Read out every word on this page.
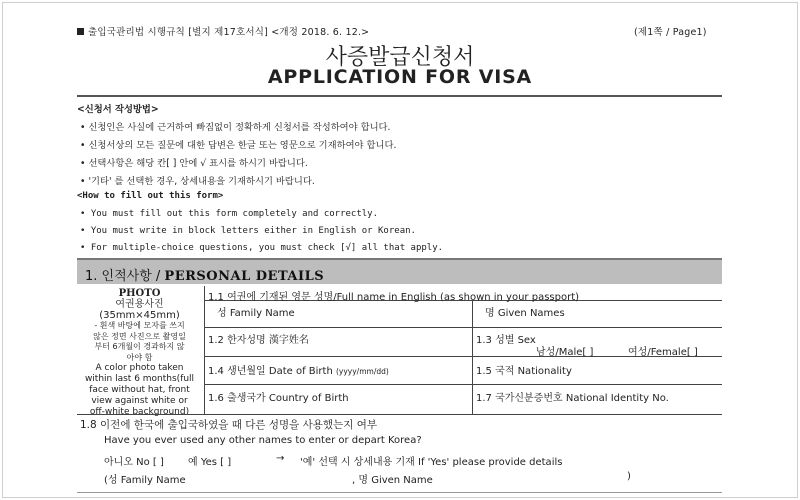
출입국관리법 시행규칙 [별지 제17호서식] <개정 2018. 6. 12.>	(제1쪽 / Page1)
사증발급신청서
APPLICATION FOR VISA
<신청서 작성방법>
• 신청인은 사실에 근거하여 빠짐없이 정확하게 신청서를 작성하여야 합니다.
• 신청서상의 모든 질문에 대한 답변은 한글 또는 영문으로 기재하여야 합니다.
• 선택사항은 해당 칸[ ] 안에 √ 표시를 하시기 바랍니다.
• '기타' 를 선택한 경우, 상세내용을 기재하시기 바랍니다.
<How to fill out this form>
• You must fill out this form completely and correctly.
• You must write in block letters either in English or Korean.
• For multiple-choice questions, you must check [√] all that apply.
1. 인적사항 / PERSONAL DETAILS
PHOTO
여권용사진
(35mm×45mm)
- 흰색 바탕에 모자를 쓰지
않은 정면 사진으로 촬영일
부터 6개월이 경과하지 않
아야 함
A color photo taken
within last 6 months(full
face without hat, front
view against white or
off-white background)
1.1 여권에 기재된 영문 성명/Full name in English (as shown in your passport)
성 Family Name	명 Given Names
1.2 한자성명 漢字姓名	1.3 성별 Sex
남성/Male[ ]	여성/Female[ ]
1.4 생년월일 Date of Birth (yyyy/mm/dd)	1.5 국적 Nationality
1.6 출생국가 Country of Birth	1.7 국가신분증번호 National Identity No.
1.8 이전에 한국에 출입국하였을 때 다른 성명을 사용했는지 여부
Have you ever used any other names to enter or depart Korea?
아니오 No [ ] 예 Yes [ ]	→ '예' 선택 시 상세내용 기재 If 'Yes' please provide details
(성 Family Name	, 명 Given Name	)
